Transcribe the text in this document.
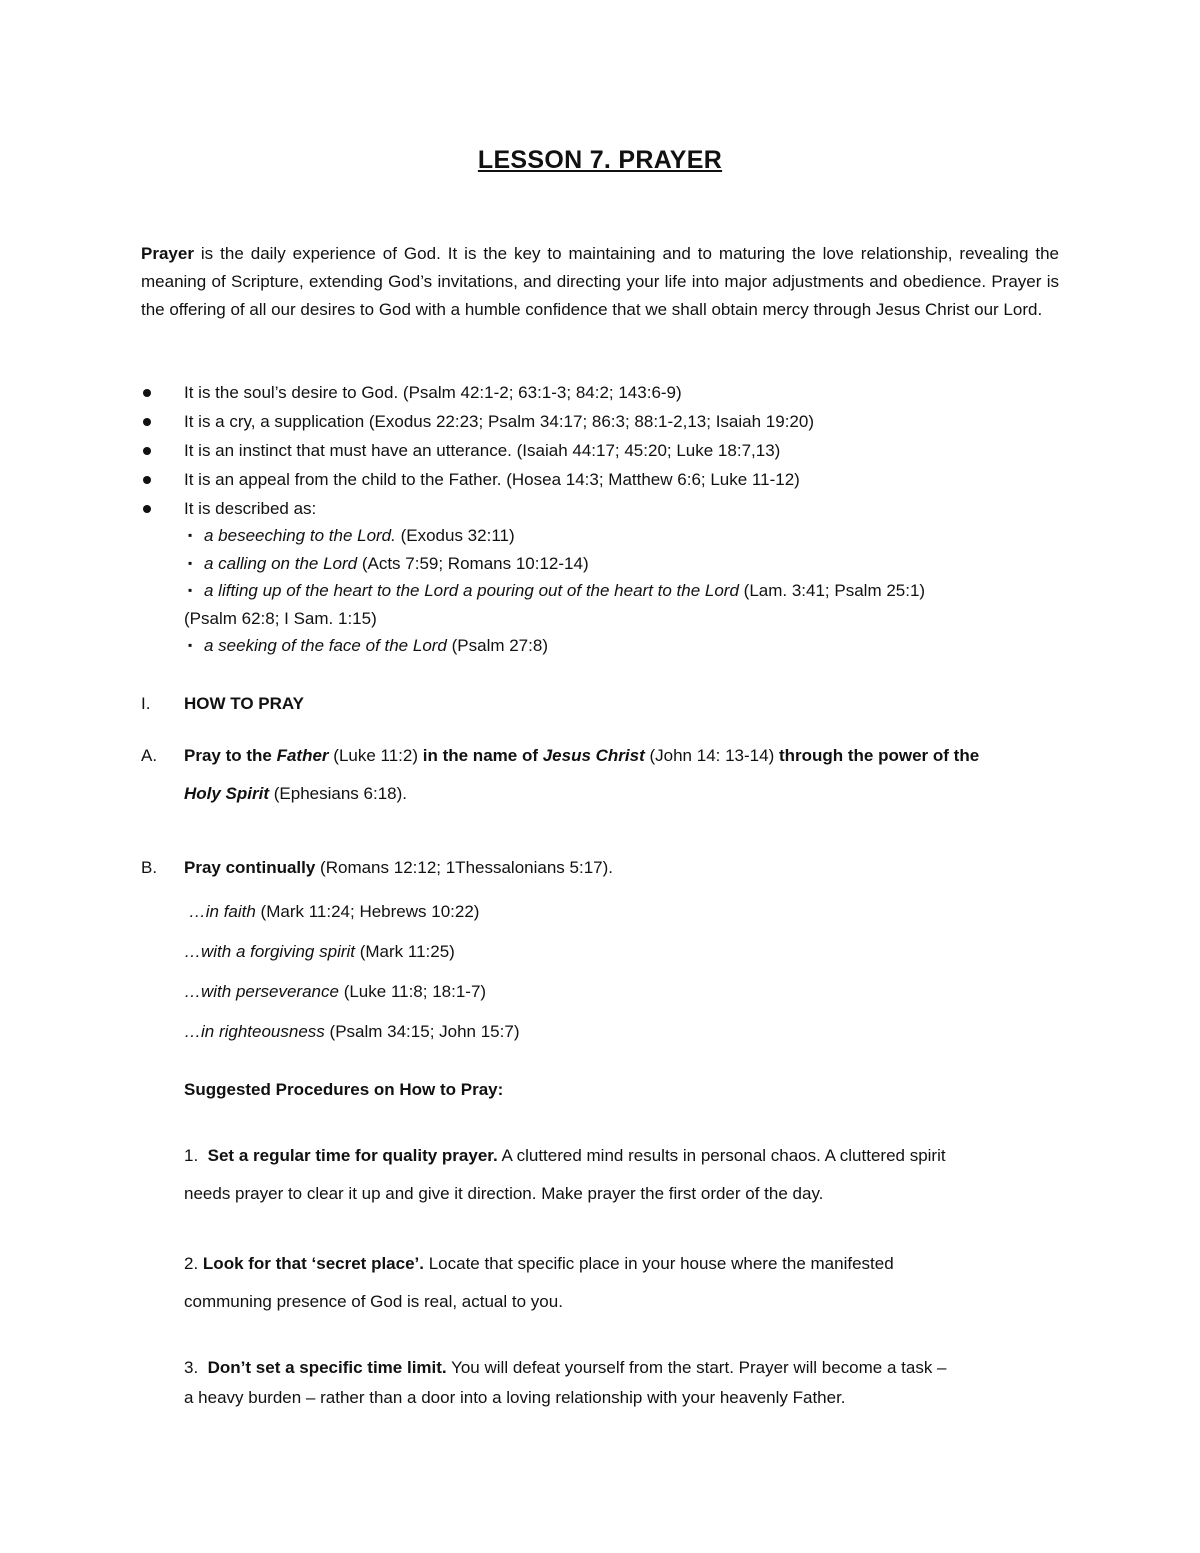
LESSON 7. PRAYER

Prayer is the daily experience of God. It is the key to maintaining and to maturing the love relationship, revealing the meaning of Scripture, extending God’s invitations, and directing your life into major adjustments and obedience. Prayer is the offering of all our desires to God with a humble confidence that we shall obtain mercy through Jesus Christ our Lord.

It is the soul’s desire to God. (Psalm 42:1-2; 63:1-3; 84:2; 143:6-9)
It is a cry, a supplication (Exodus 22:23; Psalm 34:17; 86:3; 88:1-2,13; Isaiah 19:20)
It is an instinct that must have an utterance. (Isaiah 44:17; 45:20; Luke 18:7,13)
It is an appeal from the child to the Father. (Hosea 14:3; Matthew 6:6; Luke 11-12)
It is described as:
▪ a beseeching to the Lord. (Exodus 32:11)
▪ a calling on the Lord (Acts 7:59; Romans 10:12-14)
▪ a lifting up of the heart to the Lord a pouring out of the heart to the Lord (Lam. 3:41; Psalm 25:1)
(Psalm 62:8; I Sam. 1:15)
▪ a seeking of the face of the Lord (Psalm 27:8)
I. HOW TO PRAY
A. Pray to the Father (Luke 11:2) in the name of Jesus Christ (John 14: 13-14) through the power of the
Holy Spirit (Ephesians 6:18).
B. Pray continually (Romans 12:12; 1Thessalonians 5:17).
…in faith (Mark 11:24; Hebrews 10:22)
…with a forgiving spirit (Mark 11:25)
…with perseverance (Luke 11:8; 18:1-7)
…in righteousness (Psalm 34:15; John 15:7)
Suggested Procedures on How to Pray:
1. Set a regular time for quality prayer. A cluttered mind results in personal chaos. A cluttered spirit
needs prayer to clear it up and give it direction. Make prayer the first order of the day.
2. Look for that ‘secret place’. Locate that specific place in your house where the manifested
communing presence of God is real, actual to you.
3. Don’t set a specific time limit. You will defeat yourself from the start. Prayer will become a task –
a heavy burden – rather than a door into a loving relationship with your heavenly Father.
